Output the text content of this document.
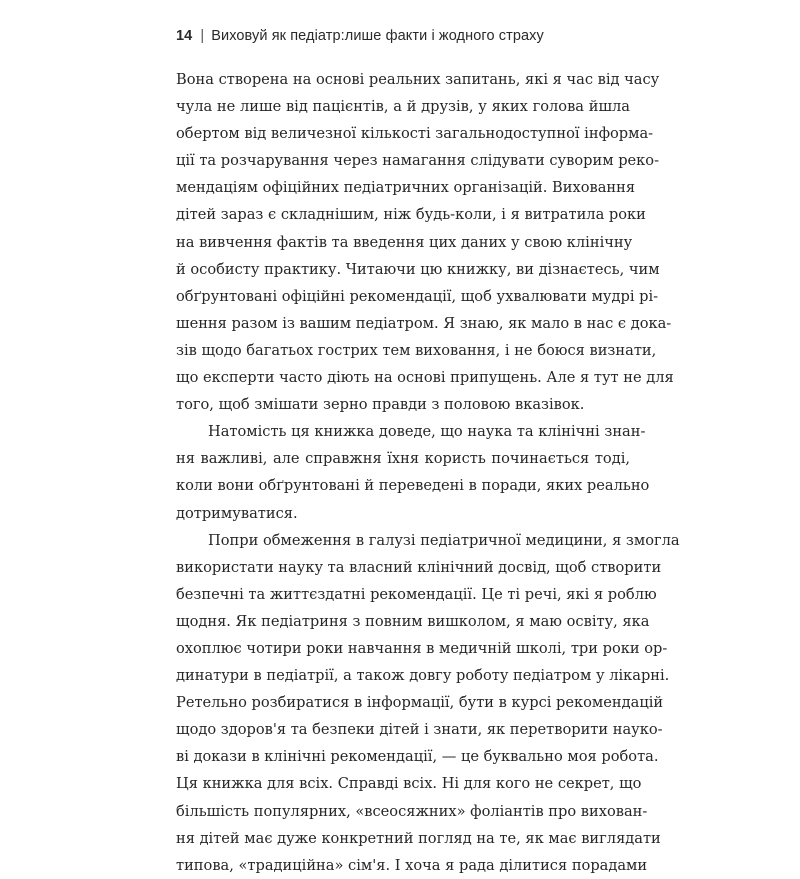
14 | Виховуй як педіатр:лише факти і жодного страху
Вона створена на основі реальних запитань, які я час від часу
чула не лише від пацієнтів, а й друзів, у яких голова йшла
обертом від величезної кількості загальнодоступної інформа-
ції та розчарування через намагання слідувати суворим реко-
мендаціям офіційних педіатричних організацій. Виховання
дітей зараз є складнішим, ніж будь-коли, і я витратила роки
на вивчення фактів та введення цих даних у свою клінічну
й особисту практику. Читаючи цю книжку, ви дізнаєтесь, чим
обґрунтовані офіційні рекомендації, щоб ухвалювати мудрі рі-
шення разом із вашим педіатром. Я знаю, як мало в нас є дока-
зів щодо багатьох гострих тем виховання, і не боюся визнати,
що експерти часто діють на основі припущень. Але я тут не для
того, щоб змішати зерно правди з половою вказівок.
Натомість ця книжка доведе, що наука та клінічні знан-
ня важливі, але справжня їхня користь починається тоді,
коли вони обґрунтовані й переведені в поради, яких реально
дотримуватися.
Попри обмеження в галузі педіатричної медицини, я змогла
використати науку та власний клінічний досвід, щоб створити
безпечні та життєздатні рекомендації. Це ті речі, які я роблю
щодня. Як педіатриня з повним вишколом, я маю освіту, яка
охоплює чотири роки навчання в медичній школі, три роки ор-
динатури в педіатрії, а також довгу роботу педіатром у лікарні.
Ретельно розбиратися в інформації, бути в курсі рекомендацій
щодо здоров'я та безпеки дітей і знати, як перетворити науко-
ві докази в клінічні рекомендації, — це буквально моя робота.
Ця книжка для всіх. Справді всіх. Ні для кого не секрет, що
більшість популярних, «всеосяжних» фоліантів про вихован-
ня дітей має дуже конкретний погляд на те, як має виглядати
типова, «традиційна» сім'я. І хоча я рада ділитися порадами
